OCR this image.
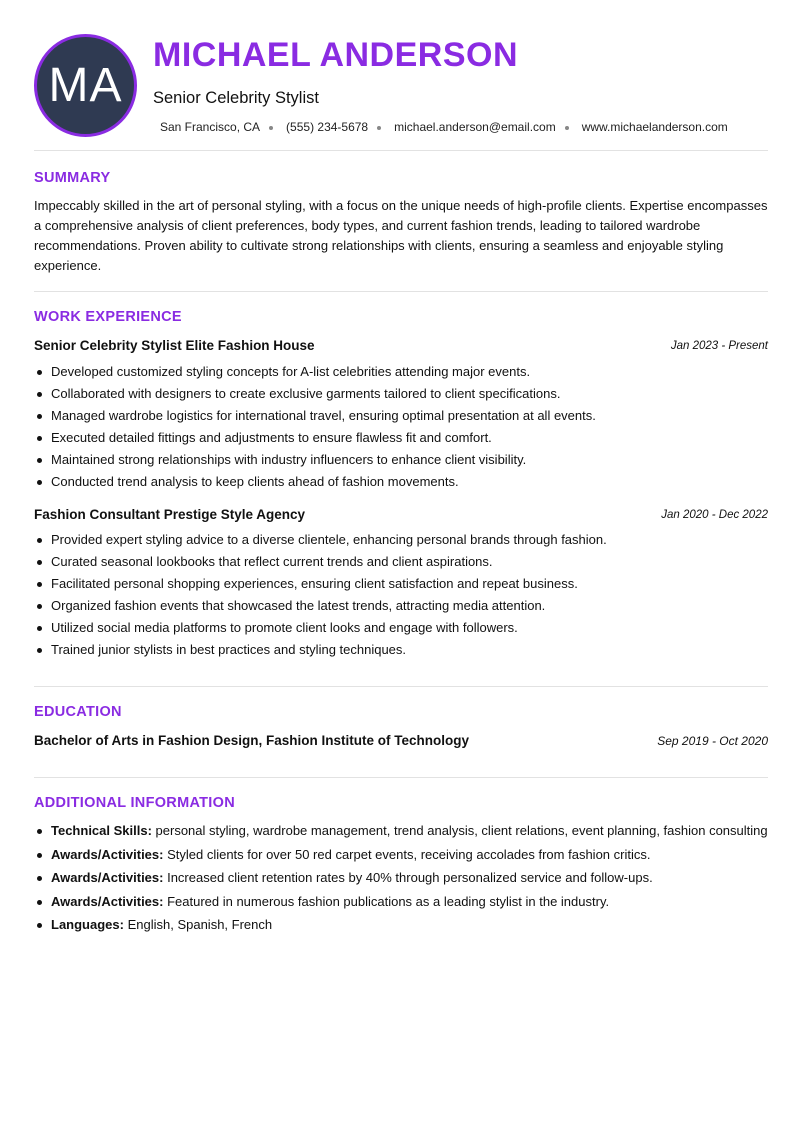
MA
MICHAEL ANDERSON
Senior Celebrity Stylist
San Francisco, CA (555) 234-5678 michael.anderson@email.com www.michaelanderson.com
SUMMARY
Impeccably skilled in the art of personal styling, with a focus on the unique needs of high-profile clients. Expertise encompasses a comprehensive analysis of client preferences, body types, and current fashion trends, leading to tailored wardrobe recommendations. Proven ability to cultivate strong relationships with clients, ensuring a seamless and enjoyable styling experience.
WORK EXPERIENCE
Senior Celebrity Stylist Elite Fashion House	Jan 2023 - Present
Developed customized styling concepts for A-list celebrities attending major events.
Collaborated with designers to create exclusive garments tailored to client specifications.
Managed wardrobe logistics for international travel, ensuring optimal presentation at all events.
Executed detailed fittings and adjustments to ensure flawless fit and comfort.
Maintained strong relationships with industry influencers to enhance client visibility.
Conducted trend analysis to keep clients ahead of fashion movements.
Fashion Consultant Prestige Style Agency	Jan 2020 - Dec 2022
Provided expert styling advice to a diverse clientele, enhancing personal brands through fashion.
Curated seasonal lookbooks that reflect current trends and client aspirations.
Facilitated personal shopping experiences, ensuring client satisfaction and repeat business.
Organized fashion events that showcased the latest trends, attracting media attention.
Utilized social media platforms to promote client looks and engage with followers.
Trained junior stylists in best practices and styling techniques.
EDUCATION
Bachelor of Arts in Fashion Design, Fashion Institute of Technology	Sep 2019 - Oct 2020
ADDITIONAL INFORMATION
Technical Skills: personal styling, wardrobe management, trend analysis, client relations, event planning, fashion consulting
Awards/Activities: Styled clients for over 50 red carpet events, receiving accolades from fashion critics.
Awards/Activities: Increased client retention rates by 40% through personalized service and follow-ups.
Awards/Activities: Featured in numerous fashion publications as a leading stylist in the industry.
Languages: English, Spanish, French
